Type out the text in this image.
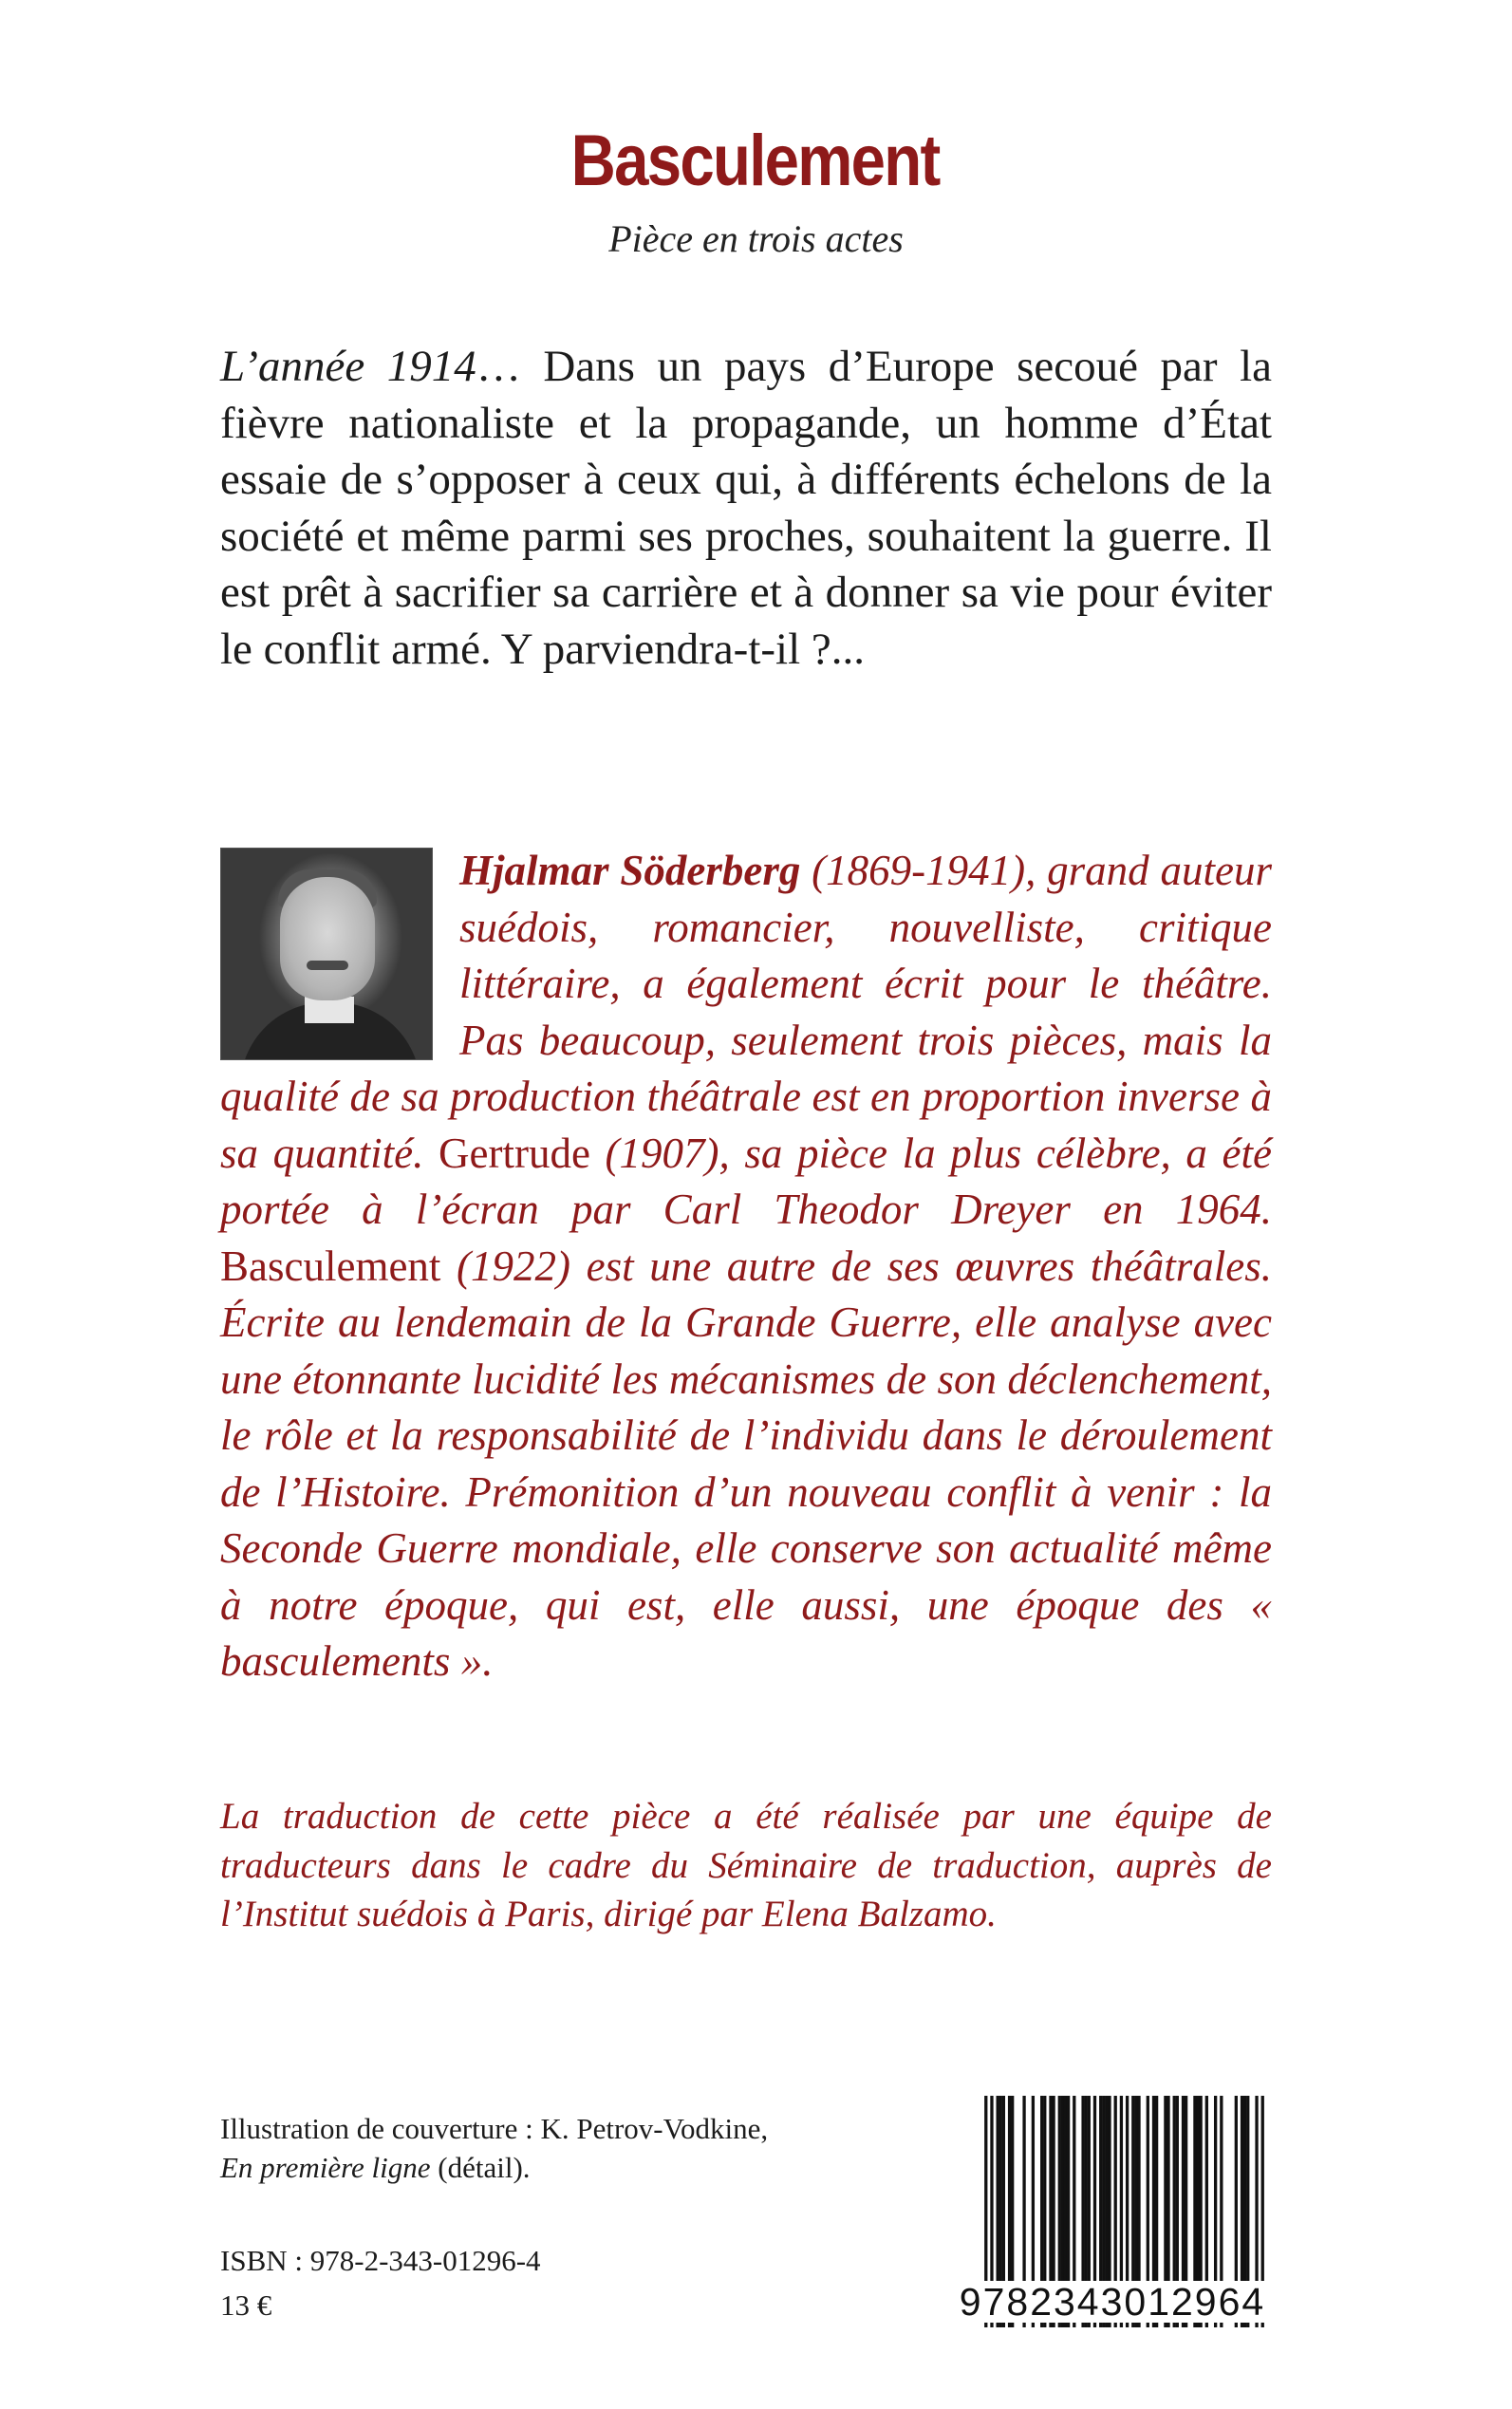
Basculement
Pièce en trois actes
L’année 1914… Dans un pays d’Europe secoué par la fièvre nationaliste et la propagande, un homme d’État essaie de s’opposer à ceux qui, à différents échelons de la société et même parmi ses proches, souhaitent la guerre. Il est prêt à sacrifier sa carrière et à donner sa vie pour éviter le conflit armé. Y parviendra-t-il ?...
Hjalmar Söderberg (1869-1941), grand auteur suédois, romancier, nouvelliste, critique littéraire, a également écrit pour le théâtre. Pas beaucoup, seulement trois pièces, mais la qualité de sa production théâtrale est en proportion inverse à sa quantité. Gertrude (1907), sa pièce la plus célèbre, a été portée à l’écran par Carl Theodor Dreyer en 1964. Basculement (1922) est une autre de ses œuvres théâtrales. Écrite au lendemain de la Grande Guerre, elle analyse avec une étonnante lucidité les mécanismes de son déclenchement, le rôle et la responsabilité de l’individu dans le déroulement de l’Histoire. Prémonition d’un nouveau conflit à venir : la Seconde Guerre mondiale, elle conserve son actualité même à notre époque, qui est, elle aussi, une époque des « basculements ».
La traduction de cette pièce a été réalisée par une équipe de traducteurs dans le cadre du Séminaire de traduction, auprès de l’Institut suédois à Paris, dirigé par Elena Balzamo.
Illustration de couverture : K. Petrov-Vodkine,
En première ligne (détail).
ISBN : 978-2-343-01296-4
13 €	9782343012964
